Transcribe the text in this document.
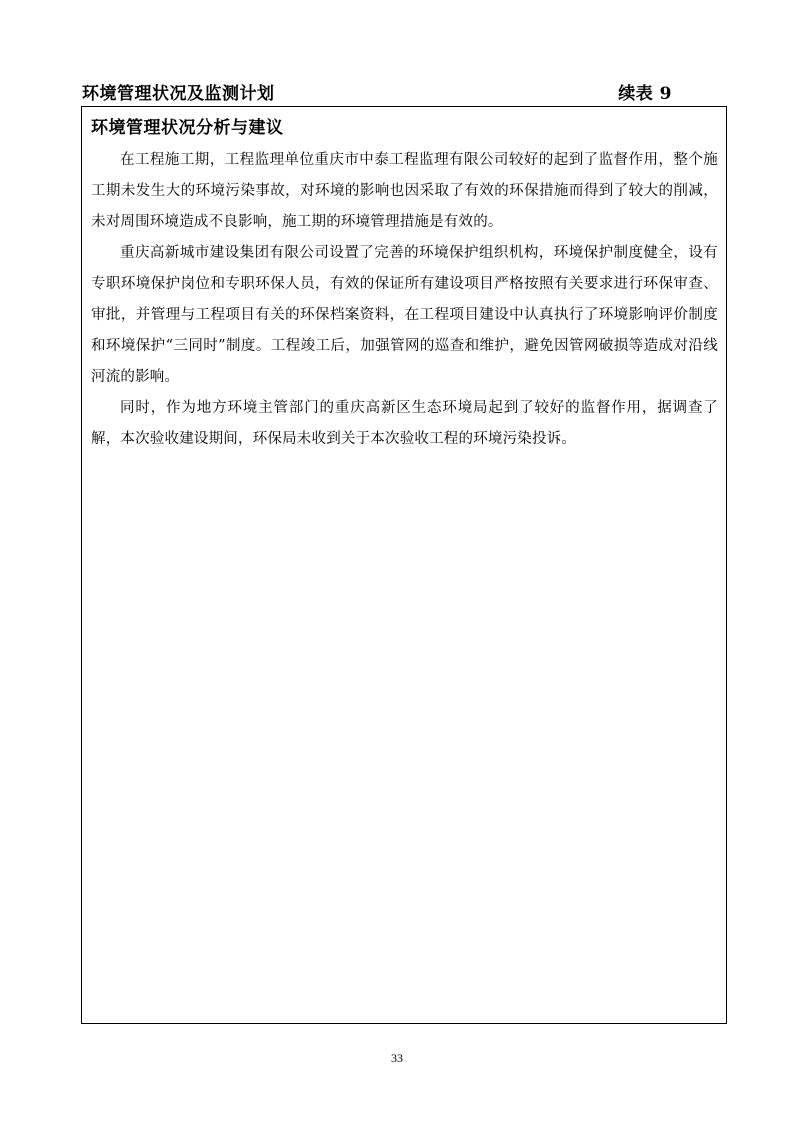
环境管理状况及监测计划	续表 9
环境管理状况分析与建议

在工程施工期，工程监理单位重庆市中泰工程监理有限公司较好的起到了监督作用，整个施工期未发生大的环境污染事故，对环境的影响也因采取了有效的环保措施而得到了较大的削减，未对周围环境造成不良影响，施工期的环境管理措施是有效的。

重庆高新城市建设集团有限公司设置了完善的环境保护组织机构，环境保护制度健全，设有专职环境保护岗位和专职环保人员，有效的保证所有建设项目严格按照有关要求进行环保审查、审批，并管理与工程项目有关的环保档案资料，在工程项目建设中认真执行了环境影响评价制度和环境保护“三同时”制度。工程竣工后，加强管网的巡查和维护，避免因管网破损等造成对沿线河流的影响。

同时，作为地方环境主管部门的重庆高新区生态环境局起到了较好的监督作用，据调查了解，本次验收建设期间，环保局未收到关于本次验收工程的环境污染投诉。

33
